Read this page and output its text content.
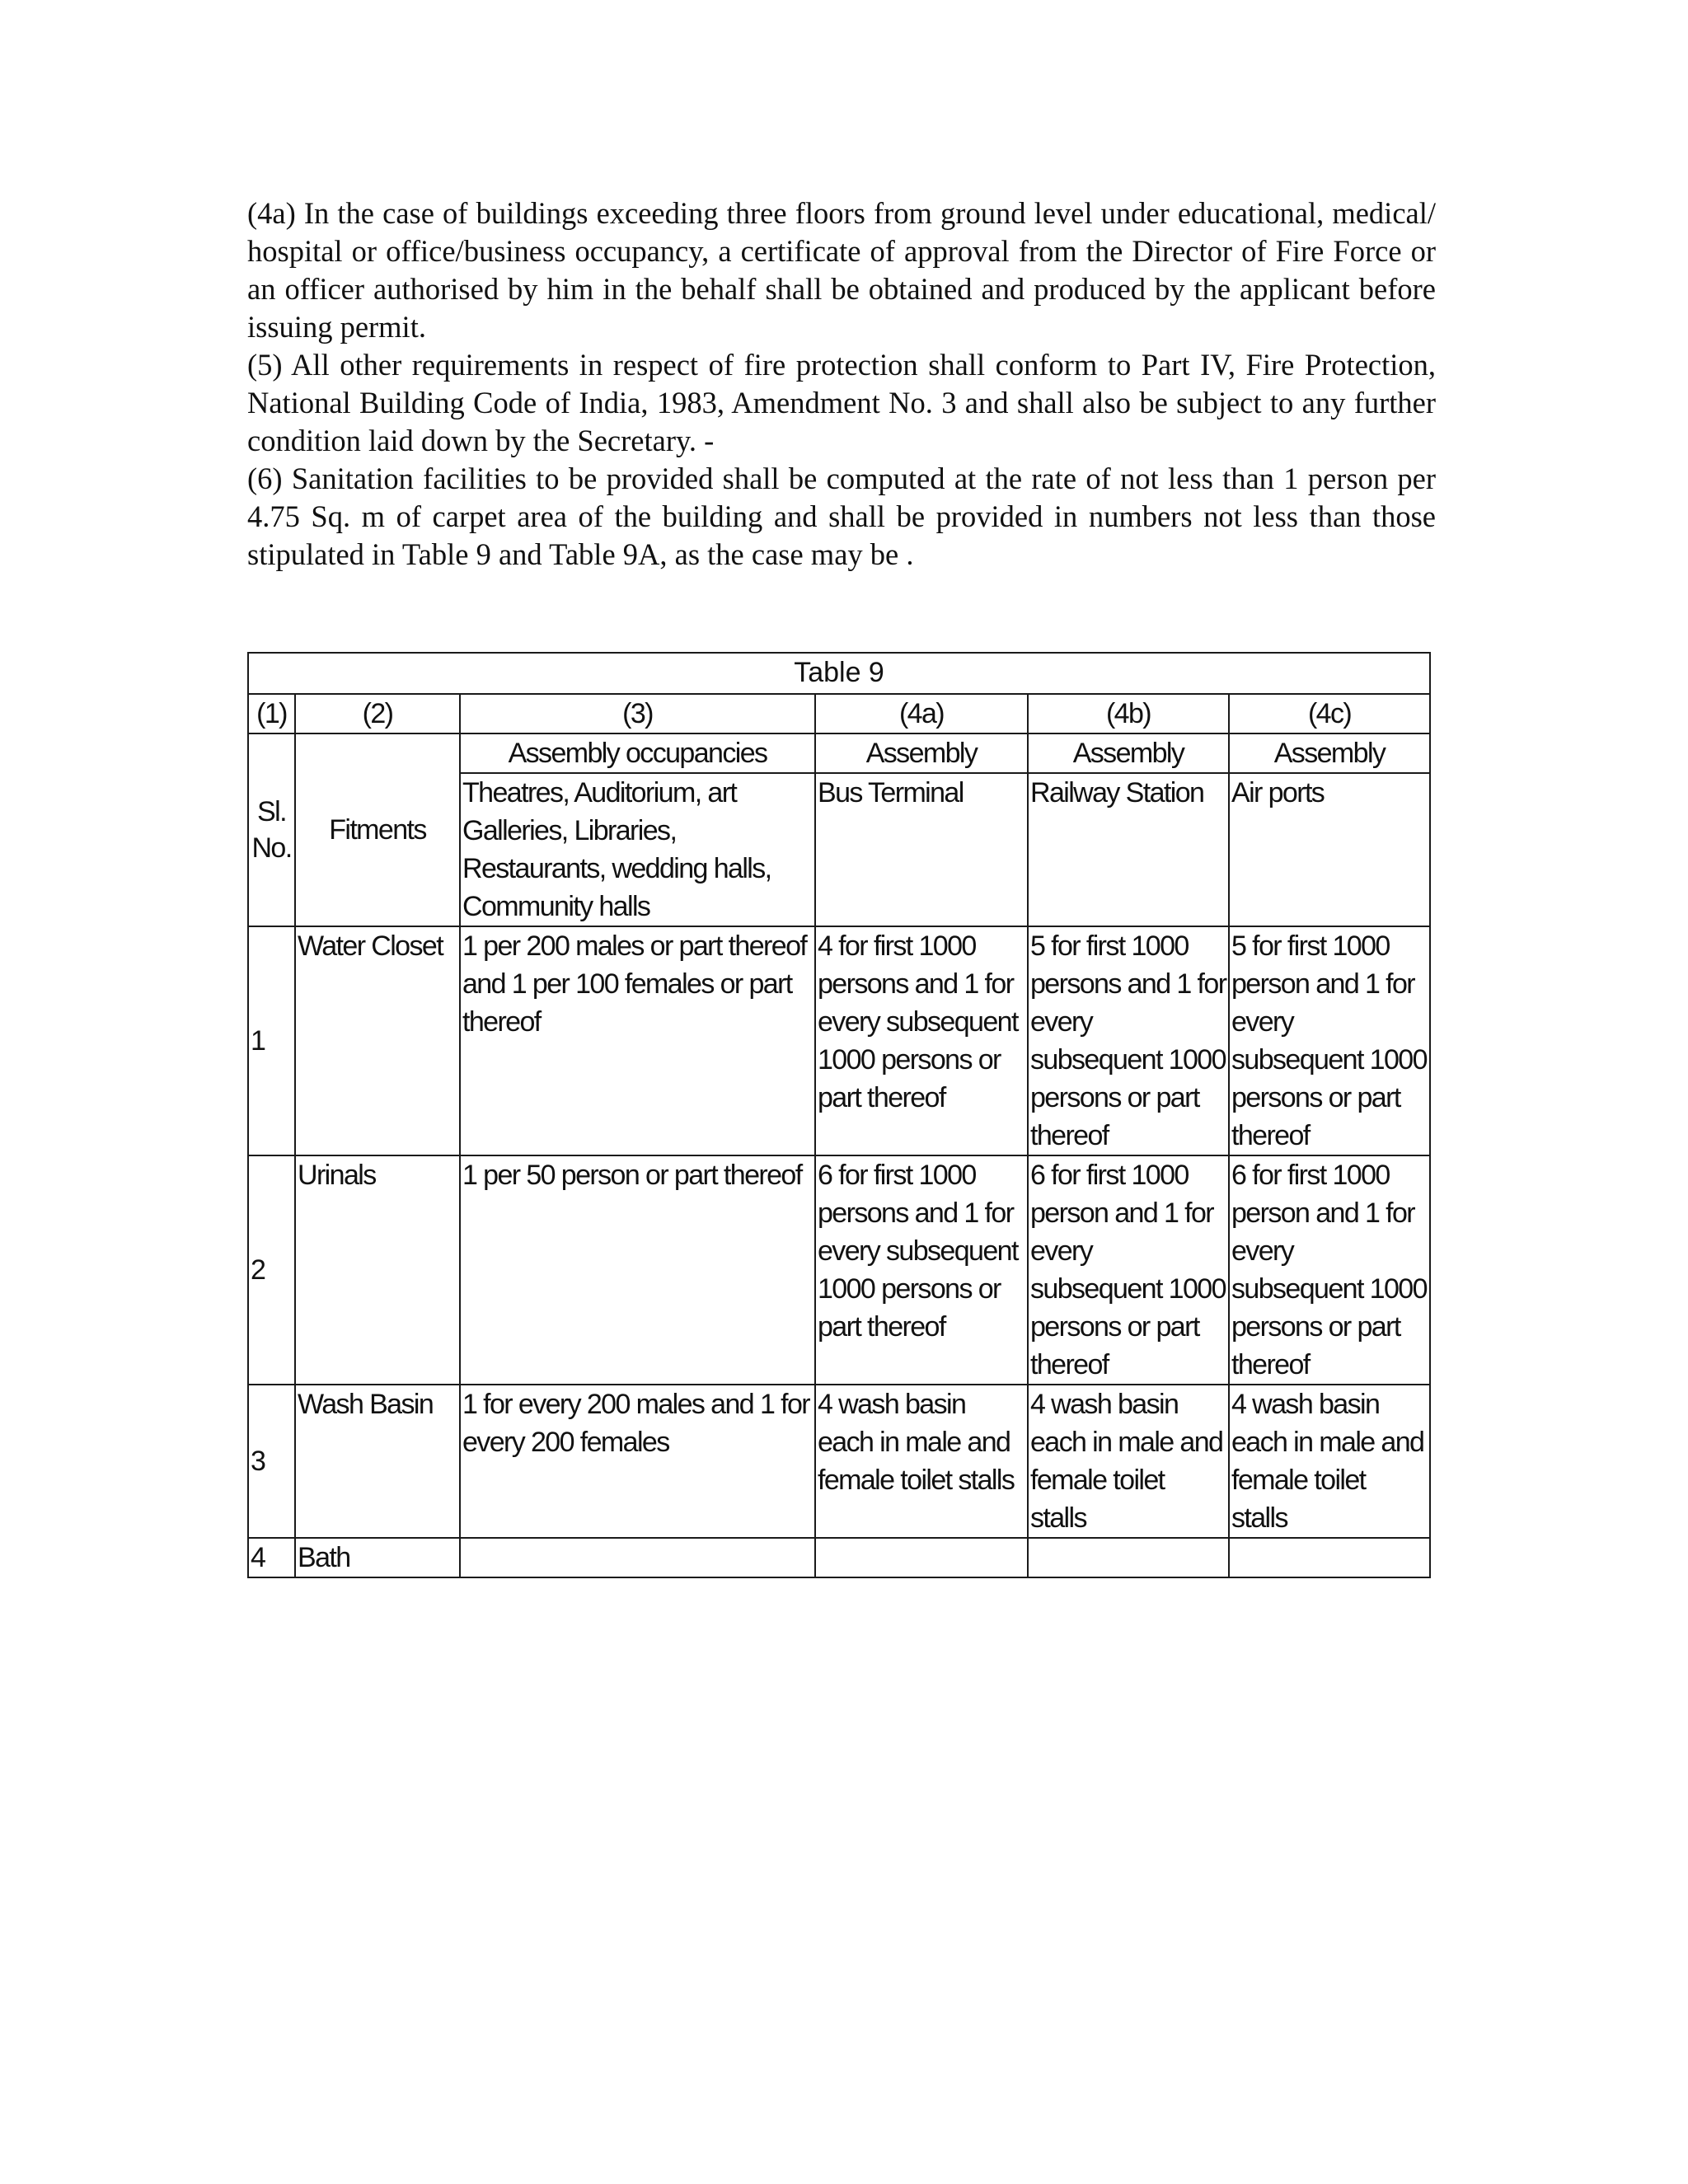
(4a) In the case of buildings exceeding three floors from ground level under educational, medical/ hospital or office/business occupancy, a certificate of approval from the Director of Fire Force or an officer authorised by him in the behalf shall be obtained and produced by the applicant before issuing permit.

(5) All other requirements in respect of fire protection shall conform to Part IV, Fire Protection, National Building Code of India, 1983, Amendment No. 3 and shall also be subject to any further condition laid down by the Secretary. -

(6) Sanitation facilities to be provided shall be computed at the rate of not less than 1 person per 4.75 Sq. m of carpet area of the building and shall be provided in numbers not less than those stipulated in Table 9 and Table 9A, as the case may be .

Table 9					
(1)	(2)	(3)	(4a)	(4b)	(4c)
Sl. No.	Fitments	Assembly occupancies	Assembly	Assembly	Assembly
		Theatres, Auditorium, art Galleries, Libraries, Restaurants, wedding halls, Community halls	Bus Terminal	Railway Station	Air ports
1	Water Closet	1 per 200 males or part thereof and 1 per 100 females or part thereof	4 for first 1000 persons and 1 for every subsequent 1000 persons or part thereof	5 for first 1000 persons and 1 for every subsequent 1000 persons or part thereof	5 for first 1000 person and 1 for every subsequent 1000 persons or part thereof
2	Urinals	1 per 50 person or part thereof	6 for first 1000 persons and 1 for every subsequent 1000 persons or part thereof	6 for first 1000 person and 1 for every subsequent 1000 persons or part thereof	6 for first 1000 person and 1 for every subsequent 1000 persons or part thereof
3	Wash Basin	1 for every 200 males and 1 for every 200 females	4 wash basin each in male and female toilet stalls	4 wash basin each in male and female toilet stalls	4 wash basin each in male and female toilet stalls
4	Bath				
